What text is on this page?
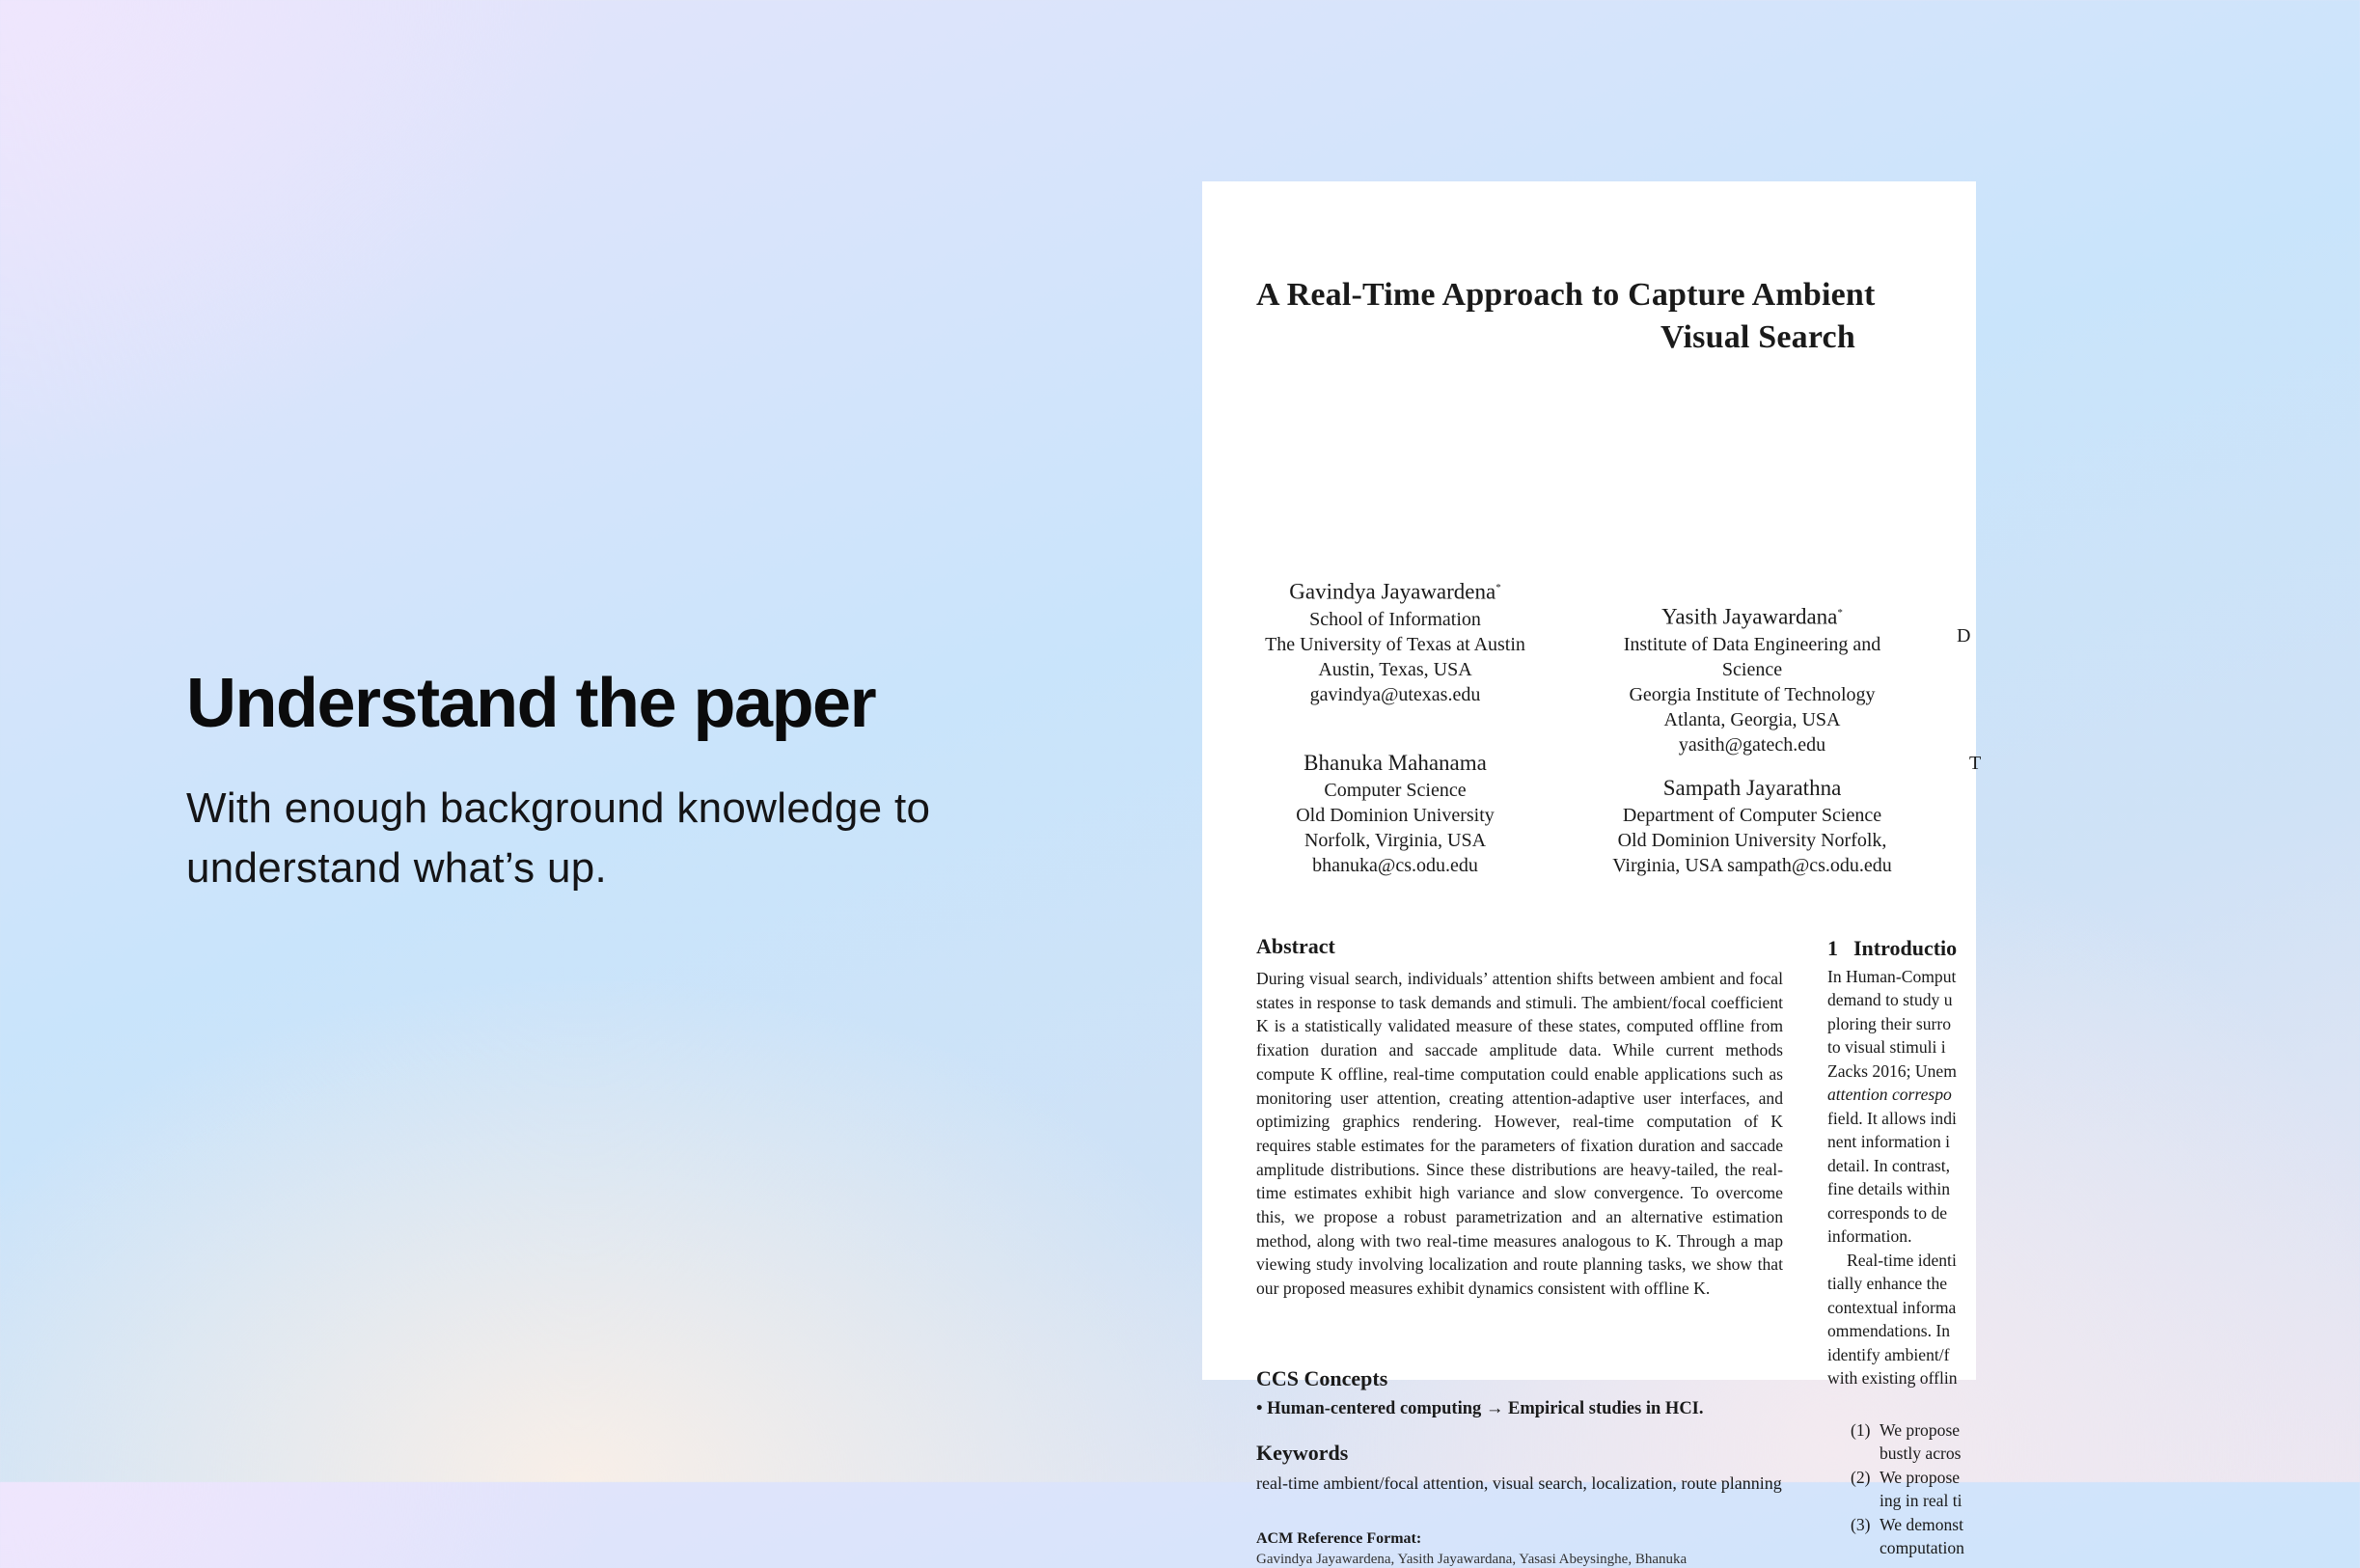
Understand the paper

With enough background knowledge to understand what’s up.

A Real-Time Approach to Capture Ambient
Visual Search
Gavindya Jayawardena*
School of Information
The University of Texas at Austin
Austin, Texas, USA
gavindya@utexas.edu
Yasith Jayawardana*
Institute of Data Engineering and
Science
Georgia Institute of Technology
Atlanta, Georgia, USA
yasith@gatech.edu
Bhanuka Mahanama
Computer Science
Old Dominion University
Norfolk, Virginia, USA
bhanuka@cs.odu.edu
Sampath Jayarathna
Department of Computer Science
Old Dominion University Norfolk,
Virginia, USA sampath@cs.odu.edu
D
T
Abstract
During visual search, individuals’ attention shifts between ambient and focal states in response to task demands and stimuli. The ambient/focal coefficient K is a statistically validated measure of these states, computed offline from fixation duration and saccade amplitude data. While current methods compute K offline, real-time computation could enable applications such as monitoring user attention, creating attention-adaptive user interfaces, and optimizing graphics rendering. However, real-time computation of K requires stable estimates for the parameters of fixation duration and saccade amplitude distributions. Since these distributions are heavy-tailed, the real-time estimates exhibit high variance and slow convergence. To overcome this, we propose a robust parametrization and an alternative estimation method, along with two real-time measures analogous to K. Through a map viewing study involving localization and route planning tasks, we show that our proposed measures exhibit dynamics consistent with offline K.
CCS Concepts
• Human-centered computing → Empirical studies in HCI.
Keywords
real-time ambient/focal attention, visual search, localization, route planning
ACM Reference Format:
Gavindya Jayawardena, Yasith Jayawardana, Yasasi Abeysinghe, Bhanuka
1 Introductio
In Human-Comput
demand to study u
ploring their surro
to visual stimuli i
Zacks 2016; Unem
attention correspo
field. It allows indi
nent information i
detail. In contrast,
fine details within
corresponds to de
information.
Real-time identi
tially enhance the
contextual informa
ommendations. In
identify ambient/f
with existing offlin
(1) We propose
bustly acros
(2) We propose
ing in real ti
(3) We demonst
computation
